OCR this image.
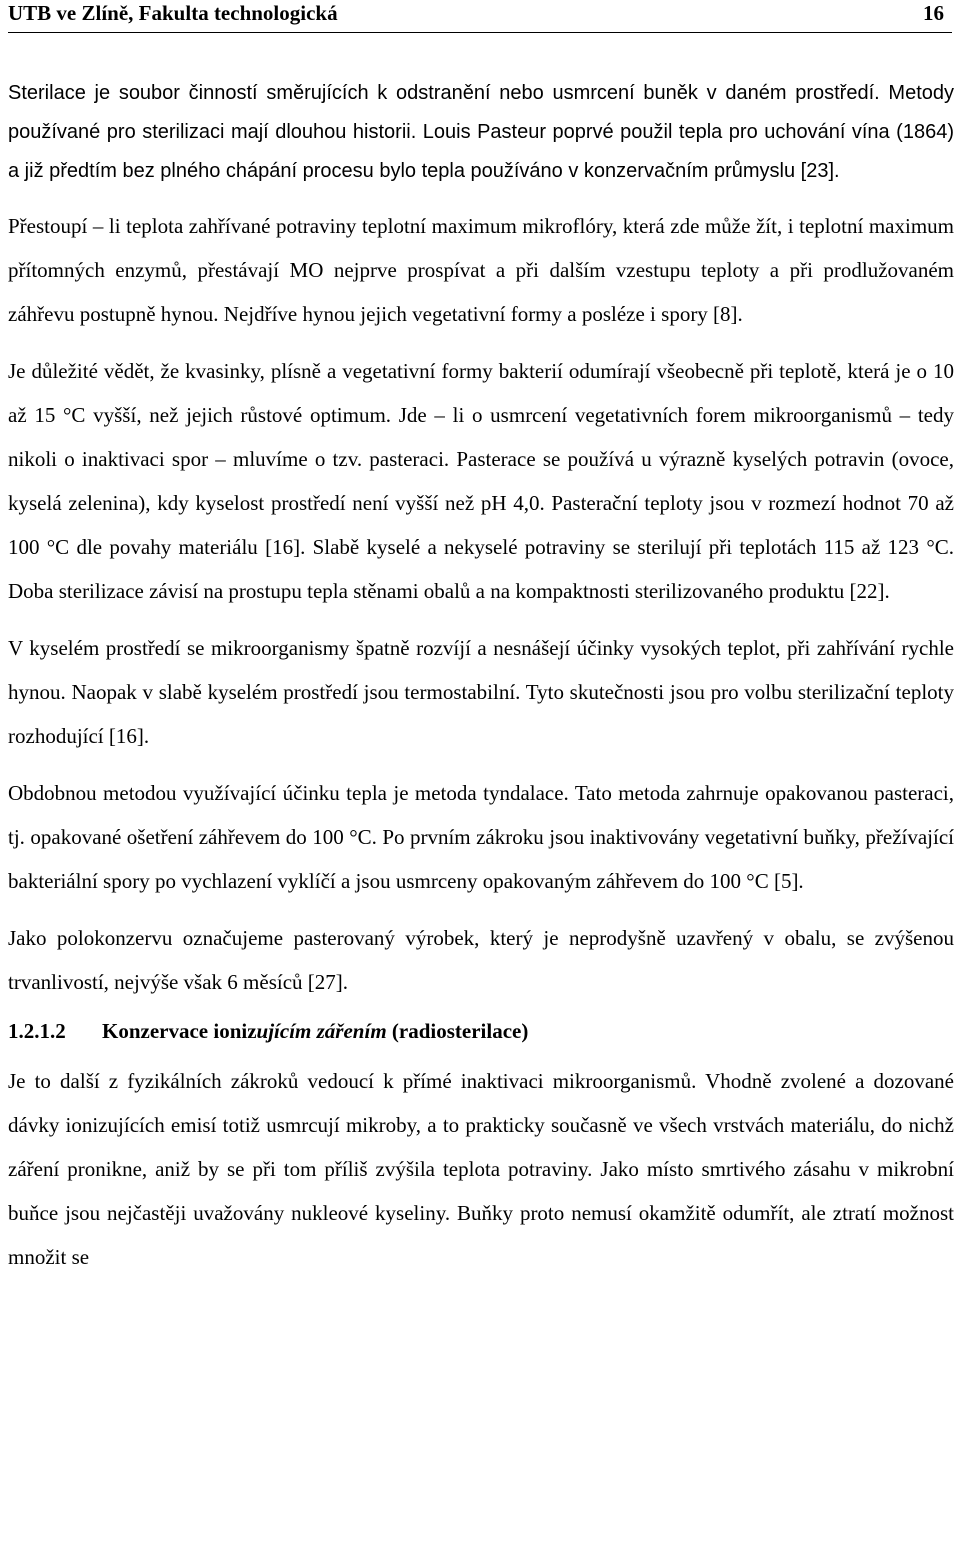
UTB ve Zlíně, Fakulta technologická	16

Sterilace je soubor činností směrujících k odstranění nebo usmrcení buněk v daném prostředí. Metody používané pro sterilizaci mají dlouhou historii. Louis Pasteur poprvé použil tepla pro uchování vína (1864) a již předtím bez plného chápání procesu bylo tepla používáno v konzervačním průmyslu [23].

Přestoupí – li teplota zahřívané potraviny teplotní maximum mikroflóry, která zde může žít, i teplotní maximum přítomných enzymů, přestávají MO nejprve prospívat a při dalším vzestupu teploty a při prodlužovaném záhřevu postupně hynou. Nejdříve hynou jejich vegetativní formy a posléze i spory [8].

Je důležité vědět, že kvasinky, plísně a vegetativní formy bakterií odumírají všeobecně při teplotě, která je o 10 až 15 °C vyšší, než jejich růstové optimum. Jde – li o usmrcení vegetativních forem mikroorganismů – tedy nikoli o inaktivaci spor – mluvíme o tzv. pasteraci. Pasterace se používá u výrazně kyselých potravin (ovoce, kyselá zelenina), kdy kyselost prostředí není vyšší než pH 4,0. Pasterační teploty jsou v rozmezí hodnot 70 až 100 °C dle povahy materiálu [16]. Slabě kyselé a nekyselé potraviny se sterilují při teplotách 115 až 123 °C. Doba sterilizace závisí na prostupu tepla stěnami obalů a na kompaktnosti sterilizovaného produktu [22].

V kyselém prostředí se mikroorganismy špatně rozvíjí a nesnášejí účinky vysokých teplot, při zahřívání rychle hynou. Naopak v slabě kyselém prostředí jsou termostabilní. Tyto skutečnosti jsou pro volbu sterilizační teploty rozhodující [16].

Obdobnou metodou využívající účinku tepla je metoda tyndalace. Tato metoda zahrnuje opakovanou pasteraci, tj. opakované ošetření záhřevem do 100 °C. Po prvním zákroku jsou inaktivovány vegetativní buňky, přežívající bakteriální spory po vychlazení vyklíčí a jsou usmrceny opakovaným záhřevem do 100 °C [5].

Jako polokonzervu označujeme pasterovaný výrobek, který je neprodyšně uzavřený v obalu, se zvýšenou trvanlivostí, nejvýše však 6 měsíců [27].

1.2.1.2 Konzervace ionizujícím zářením (radiosterilace)

Je to další z fyzikálních zákroků vedoucí k přímé inaktivaci mikroorganismů. Vhodně zvolené a dozované dávky ionizujících emisí totiž usmrcují mikroby, a to prakticky současně ve všech vrstvách materiálu, do nichž záření pronikne, aniž by se při tom příliš zvýšila teplota potraviny. Jako místo smrtivého zásahu v mikrobní buňce jsou nejčastěji uvažovány nukleové kyseliny. Buňky proto nemusí okamžitě odumřít, ale ztratí možnost množit se
